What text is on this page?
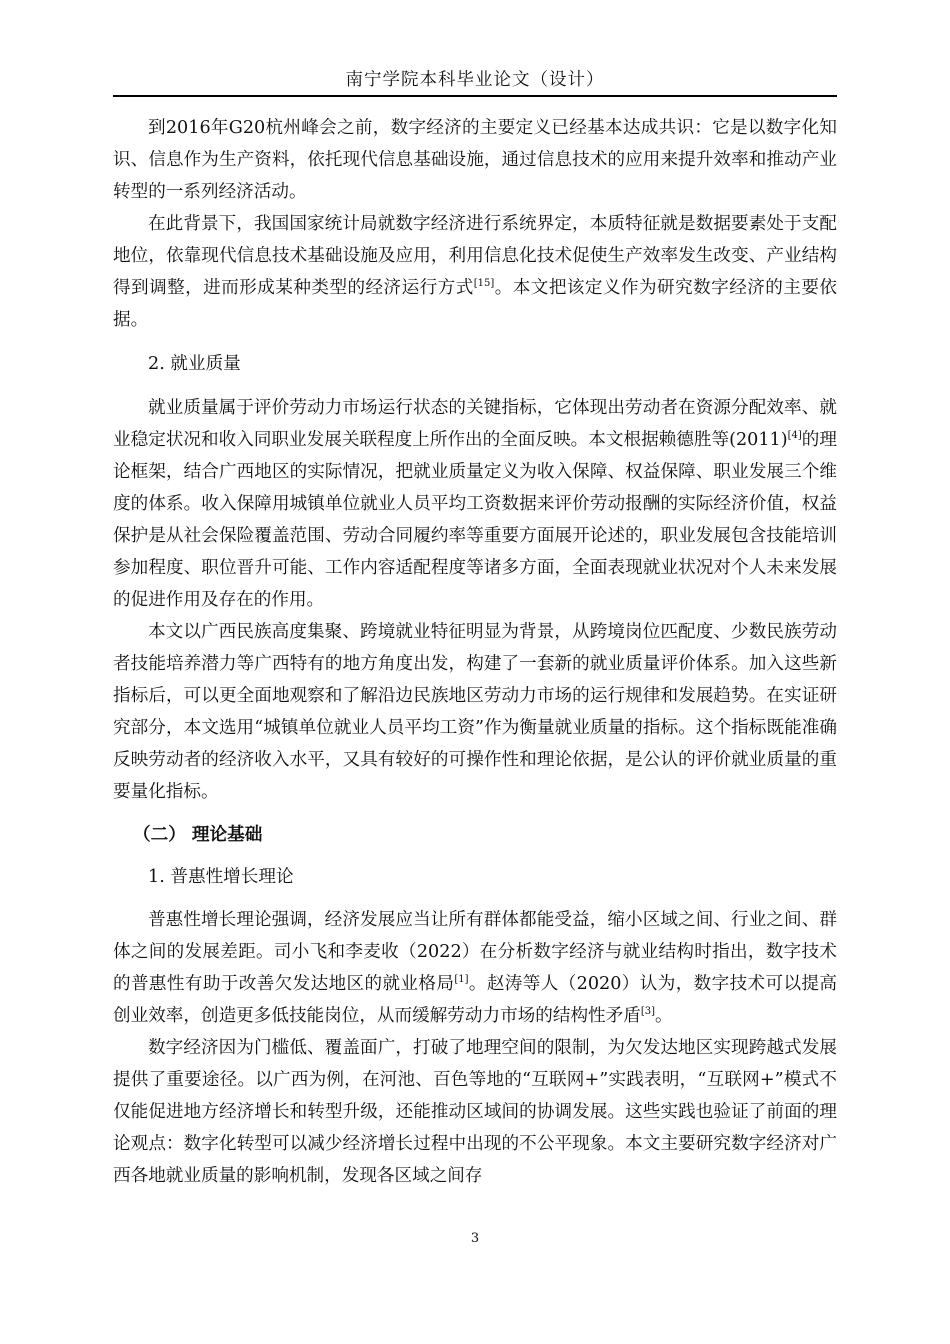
南宁学院本科毕业论文（设计）

到2016年G20杭州峰会之前，数字经济的主要定义已经基本达成共识：它是以数字化知识、信息作为生产资料，依托现代信息基础设施，通过信息技术的应用来提升效率和推动产业转型的一系列经济活动。

在此背景下，我国国家统计局就数字经济进行系统界定，本质特征就是数据要素处于支配地位，依靠现代信息技术基础设施及应用，利用信息化技术促使生产效率发生改变、产业结构得到调整，进而形成某种类型的经济运行方式[15]。本文把该定义作为研究数字经济的主要依据。

2. 就业质量

就业质量属于评价劳动力市场运行状态的关键指标，它体现出劳动者在资源分配效率、就业稳定状况和收入同职业发展关联程度上所作出的全面反映。本文根据赖德胜等(2011)[4]的理论框架，结合广西地区的实际情况，把就业质量定义为收入保障、权益保障、职业发展三个维度的体系。收入保障用城镇单位就业人员平均工资数据来评价劳动报酬的实际经济价值，权益保护是从社会保险覆盖范围、劳动合同履约率等重要方面展开论述的，职业发展包含技能培训参加程度、职位晋升可能、工作内容适配程度等诸多方面，全面表现就业状况对个人未来发展的促进作用及存在的作用。

本文以广西民族高度集聚、跨境就业特征明显为背景，从跨境岗位匹配度、少数民族劳动者技能培养潜力等广西特有的地方角度出发，构建了一套新的就业质量评价体系。加入这些新指标后，可以更全面地观察和了解沿边民族地区劳动力市场的运行规律和发展趋势。在实证研究部分，本文选用“城镇单位就业人员平均工资”作为衡量就业质量的指标。这个指标既能准确反映劳动者的经济收入水平，又具有较好的可操作性和理论依据，是公认的评价就业质量的重要量化指标。

（二） 理论基础

1. 普惠性增长理论

普惠性增长理论强调，经济发展应当让所有群体都能受益，缩小区域之间、行业之间、群体之间的发展差距。司小飞和李麦收（2022）在分析数字经济与就业结构时指出，数字技术的普惠性有助于改善欠发达地区的就业格局[1]。赵涛等人（2020）认为，数字技术可以提高创业效率，创造更多低技能岗位，从而缓解劳动力市场的结构性矛盾[3]。

数字经济因为门槛低、覆盖面广，打破了地理空间的限制，为欠发达地区实现跨越式发展提供了重要途径。以广西为例，在河池、百色等地的“互联网+”实践表明，“互联网+”模式不仅能促进地方经济增长和转型升级，还能推动区域间的协调发展。这些实践也验证了前面的理论观点：数字化转型可以减少经济增长过程中出现的不公平现象。本文主要研究数字经济对广西各地就业质量的影响机制，发现各区域之间存

3
